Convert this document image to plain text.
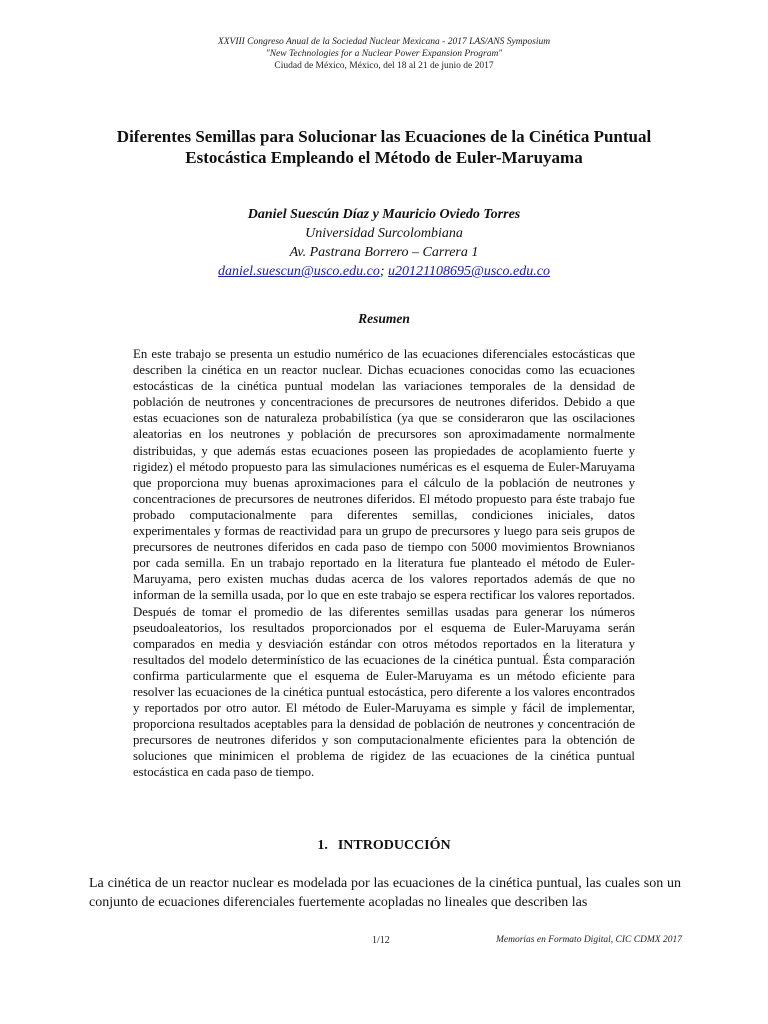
XXVIII Congreso Anual de la Sociedad Nuclear Mexicana - 2017 LAS/ANS Symposium
"New Technologies for a Nuclear Power Expansion Program"
Ciudad de México, México, del 18 al 21 de junio de 2017
Diferentes Semillas para Solucionar las Ecuaciones de la Cinética Puntual
Estocástica Empleando el Método de Euler-Maruyama
Daniel Suescún Díaz y Mauricio Oviedo Torres
Universidad Surcolombiana
Av. Pastrana Borrero – Carrera 1
daniel.suescun@usco.edu.co; u20121108695@usco.edu.co
Resumen

En este trabajo se presenta un estudio numérico de las ecuaciones diferenciales estocásticas que describen la cinética en un reactor nuclear. Dichas ecuaciones conocidas como las ecuaciones estocásticas de la cinética puntual modelan las variaciones temporales de la densidad de población de neutrones y concentraciones de precursores de neutrones diferidos. Debido a que estas ecuaciones son de naturaleza probabilística (ya que se consideraron que las oscilaciones aleatorias en los neutrones y población de precursores son aproximadamente normalmente distribuidas, y que además estas ecuaciones poseen las propiedades de acoplamiento fuerte y rigidez) el método propuesto para las simulaciones numéricas es el esquema de Euler-Maruyama que proporciona muy buenas aproximaciones para el cálculo de la población de neutrones y concentraciones de precursores de neutrones diferidos. El método propuesto para éste trabajo fue probado computacionalmente para diferentes semillas, condiciones iniciales, datos experimentales y formas de reactividad para un grupo de precursores y luego para seis grupos de precursores de neutrones diferidos en cada paso de tiempo con 5000 movimientos Brownianos por cada semilla. En un trabajo reportado en la literatura fue planteado el método de Euler-Maruyama, pero existen muchas dudas acerca de los valores reportados además de que no informan de la semilla usada, por lo que en este trabajo se espera rectificar los valores reportados. Después de tomar el promedio de las diferentes semillas usadas para generar los números pseudoaleatorios, los resultados proporcionados por el esquema de Euler-Maruyama serán comparados en media y desviación estándar con otros métodos reportados en la literatura y resultados del modelo determinístico de las ecuaciones de la cinética puntual. Ésta comparación confirma particularmente que el esquema de Euler-Maruyama es un método eficiente para resolver las ecuaciones de la cinética puntual estocástica, pero diferente a los valores encontrados y reportados por otro autor. El método de Euler-Maruyama es simple y fácil de implementar, proporciona resultados aceptables para la densidad de población de neutrones y concentración de precursores de neutrones diferidos y son computacionalmente eficientes para la obtención de soluciones que minimicen el problema de rigidez de las ecuaciones de la cinética puntual estocástica en cada paso de tiempo.

1. INTRODUCCIÓN

La cinética de un reactor nuclear es modelada por las ecuaciones de la cinética puntual, las cuales son un conjunto de ecuaciones diferenciales fuertemente acopladas no lineales que describen las

1/12	Memorias en Formato Digital, CIC CDMX 2017
